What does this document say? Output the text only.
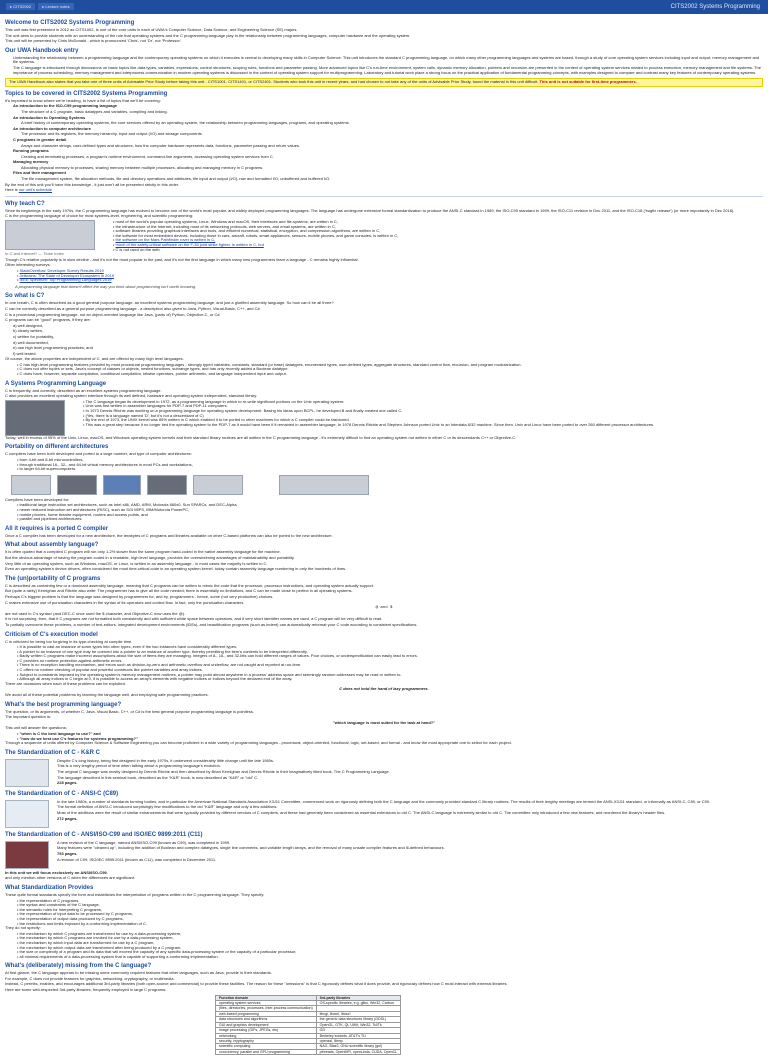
▸ CITS2002	▸ Lecture notes	CITS2002 Systems Programming
Welcome to CITS2002 Systems Programming

This unit was first presented in 2012 as CITS1002, is one of the core units in each of UWA's Computer Science, Data Science, and Engineering Science (SE) majors.

The unit aims to provide students with an understanding of the role that operating systems and the C programming language play in the relationship between programming languages, computer hardware and the operating system.

This unit will be presented by Chris McDonald - which is pronounced 'Chris', not 'Dr', nor 'Professor'.

Our UWA Handbook entry

Understanding the relationship between a programming language and the contemporary operating systems on which it executes is central to developing many skills in Computer Science. This unit introduces the standard C programming language, on which many other programming languages and systems are based, through a study of core operating system services including input and output, memory management and file systems.

The C language is introduced through discussions on basic topics like data types, variables, expressions, control structures, scoping rules, functions and parameter passing. More advanced topics like C's run-time environment, system calls, dynamic memory allocation, pointers and recursion are presented in the context of operating system services related to process execution, memory management and file systems. The importance of process scheduling, memory management and interprocess communication in modern operating systems is discussed in the context of operating system support for multiprogramming. Laboratory and tutorial work place a strong focus on the practical application of fundamental programming concepts, with examples designed to compare and contrast many key features of contemporary operating systems.

The UWA Handbook also states that you take one of three units of Advisable Prior Study before taking this unit - CITS1001, CITS1401, or CITS2401. Students who took this unit in recent years, and had chosen to not take any of the units of Advisable Prior Study, found the material in this unit difficult. This unit is not suitable for first-time programmers.
Topics to be covered in CITS2002 Systems Programming

It's important to know where we're heading, to have a list of topics that we'll be covering:

An introduction to the ISO-C99 programming language

The structure of a C program, basic datatypes and variables, compiling and linking.

An introduction to Operating Systems

A brief history of contemporary operating systems, the core services offered by an operating system, the relationship between programming languages, programs, and operating systems.

An introduction to computer architecture

The processor and its registers, the memory hierarchy, input and output (I/O) and storage components.

C programs in greater detail

Arrays and character strings, user-defined types and structures, how the computer hardware represents data, functions, parameter passing and return values.

Running programs

Creating and terminating processes, a program's runtime environment, command-line arguments, accessing operating system services from C.

Managing memory

Allocating physical memory to processes, sharing memory between multiple processes, allocating and managing memory in C programs.

Files and their management

The file management system, file allocation methods, file and directory operations and attributes, file input and output (I/O), raw and formatted I/O, unbuffered and buffered I/O.

By the end of this unit you'll have this knowledge - it just won't all be presented strictly in this order.

Here is our unit's schedule

Why teach C?

Since its beginnings in the early 1970s, the C programming language has evolved to become one of the world's most popular, and widely deployed programming languages. The language has undergone extensive formal standardization to produce the ANSI-C standard in 1989, the ISO-C99 standard in 1999, the ISO-C11 revision in Dec 2011, and the ISO-C18 ('bugfix release') (or more importantly in Dec 2018).

C is the programming language of choice for most systems-level, engineering, and scientific programming:

• most of the world's popular operating systems, Linux, Windows and macOS, their interfaces and file-systems, are written in C,
• the infrastructure of the Internet, including most of its networking protocols, web servers, and email systems, are written in C,
• software libraries providing graphical interfaces and tools, and efficient numerical, statistical, encryption, and compression algorithms, are written in C,
• the software for most embedded devices, including those in cars, aircraft, robots, smart appliances, sensors, mobile phones, and game consoles, is written in C,
• the software on the Mars Pathfinder rover is written in C,
• much of the safety-critical software on the F-35 joint strike fighter, is written in C, but
• C is not used on the web.

In C and Internet? — Tiobe Index

Though C's relative popularity is in slow decline - and it's not the most popular in the past, and it's not the first language in which many new programmers learn a language - C remains highly influential.

Other interesting surveys:

• StackOverflow: Developer Survey Results 2019
• Jetbrains: The State of Developer Ecosystem in 2019
• IEEE Spectrum: Top Programming Languages 2019
A programming language that doesn't affect the way you think about programming isn't worth knowing.
So what is C?

In one breath, C is often described as a good general purpose language, an excellent systems programming language, and just a glorified assembly language. So how can it be all three?

C can be correctly described as a general purpose programming language - a description also given to Java, Python, Visual-Basic, C++, and C#.

C is a procedural programming language, not an object-oriented language like Java, (parts of) Python, Objective-C, or C#.

C programs can be "good" programs, if they are:

a) well designed,

b) clearly written,

c) written for portability,

d) well documented,

e) use high level programming practices, and

f) well tested.

Of course, the above properties are independent of C, and are offered by many high level languages.

• C has high-level programming features provided by most procedural programming languages - strongly typed variables, constants, standard (or base) datatypes, enumerated types, user-defined types, aggregate structures, standard control flow, recursion, and program modularization.
• C does not offer tuples or sets, Java's concept of classes or objects, nested functions, subrange types, and has only recently added a Boolean datatype.
• C does have, however, separate compilation, conditional compilation, bitwise operators, pointer arithmetic, and language independent input and output.
A Systems Programming Language

C is frequently, and correctly, described as an excellent systems programming language.

C also provides an excellent operating system interface through its well defined, hardware and operating system independent, standard library.

• The C language began its development in 1972, as a programming language in which to re-write significant portions on the Unix operating system:
• Unix was first written in assembler languages for PDP-7 and PDP-11 computers.
• In 1973 Dennis Ritchie was working on a programming language for operating system development. Basing his ideas upon BCPL, he developed B and finally created one called C.
• (Yes, there is a language named 'D', but it's not a descendant of C)
• By the end of 1973, the UNIX kernel was 85% written in C which enabled it to be ported to other machines for which a C compiler could be fashioned.
• This was a great step because it no longer tied the operating system to the PDP-7 as it would have been if it remained in assembler language. In 1976 Dennis Ritchie and Stephen Johnson ported Unix to an Interdata 8/32 machine. Since then, Unix and Linux have been ported to over 260 different processor architectures.

Today, well in excess of 95% of the Unix, Linux, macOS, and Windows operating system kernels and their standard library routines are all written in the C programming language - it's extremely difficult to find an operating system not written in either C or its descendants C++ or Objective-C.

Portability on different architectures

C compilers have been both developed and ported to a large number, and type of computer architectures:

• from 4-bit and 8-bit microcontrollers,
• through traditional 16-, 32-, and 64-bit virtual memory architectures in most PCs and workstations,
• to larger 64-bit supercomputers.

Compilers have been developed for:

• traditional large instruction set architectures, such as Intel x86, AMD, ARM, Motorola 680x0, Sun SPARCs, and DEC-Alpha,
• newer reduced instruction set architectures (RISC), such as SGI MIPS, IBM/Motorola PowerPC,
• mobile phones, home theatre equipment, routers and access points, and
• parallel and pipelined architectures.
All it requires is a ported C compiler

Once a C compiler has been developed for a new architecture, the terabytes of C programs and libraries available on other C-based platforms can also be ported to the new architecture.

What about assembly language?

It is often quoted that a compiled C program will run only 1-2% slower than the same program hand-coded in the native assembly language for the machine.

But the obvious advantage of having the program coded in a readable, high level language, provides the overwhelming advantages of maintainability and portability.

Very little of an operating system, such as Windows, macOS, or Linux, is written in an assembly language - in most cases the majority is written in C.

Even an operating system's device drivers, often considered the most time-critical code in an operating system kernel, today contain assembly language numbering in only the hundreds of lines.

The (un)portability of C programs

C is described as containing few or a dominant assembly language, meaning that C programs can be written to mimic the code that the processor, processor instructions, and operating system actually support.

But (quite a rarity) Kernighan and Ritchie also write: The programmer has to give all the code needed; there is essentially no limitations, and C can be made close to perfect in all operating systems.

Perhaps C's biggest problem is that the language was designed by programmers for, and by, programmers - hence, some (not very productive) choices.

C makes extensive use of punctuation characters in the syntax of its operators and control flow. In fact, only the punctuation characters

@ and $

are not used in C's syntax! (and DEC-C once used the $ character, and Objective-C now uses the @).

It is not surprising, then, that if C programs are not formatted both consistently and with sufficient white space between operators, and if very short identifier names are used, a C program will be very difficult to read.

To partially overcome these problems, a number of text-editors, integrated development environments (IDEs), and beautification programs (such as indent) can automatically reformat your C code according to consistent specifications.

Criticism of C's execution model

C is criticized for being too forgiving in its type-checking at compile time.

• It is possible to cast an instance of some types into other types, even if the two instances have considerably different types.
• A pointer to an instance of one type may be coerced into a pointer to an instance of another type, thereby permitting the item's contents to be interpreted differently.
• Badly written C programs make incorrect assumptions about the size of items they are managing. Integers of 8-, 16-, and 32-bits can hold different ranges of values. Poor choices, or underspecification can easily lead to errors.
• C provides no runtime protection against arithmetic errors.
• There is no exception handling mechanism, and errors such as division-by-zero and arithmetic overflow and underflow, are not caught and reported at run-time.
• C offers no runtime checking of popular and powerful constructs like pointer variables and array indices.
• Subject to constraints imposed by the operating system's memory management routines, a pointer may point almost anywhere in a process' address space and seemingly random addresses may be read or written to.
• Although all array indices in C begin at 0, it is possible to access an array's elements with negative indices or indices beyond the declared end of the array.

There are occasions when each of these problems can be exploited.

C does not hold the hand of lazy programmers.

We avoid all of these potential problems by learning the language well, and employing safe programming practices.

What's the best programming language?

The question, or its arguments, of whether C, Java, Visual Basic, C++, or C# is the best general purpose programming language is pointless.

The important question is:

"which language is most suited for the task at hand?"

This unit will answer the questions:

• "when is C the best language to use?" and
• "how do we best use C's features for systems programming?"

Through a sequence of units offered by Computer Science & Software Engineering you can become proficient in a wide variety of programming languages - procedural, object-oriented, functional, logic, set-based, and formal - and know the most appropriate one to select for each project.

The Standardization of C - K&R C

Despite C's long history, being first designed in the early 1970s, it underwent considerably little change until the late 1980s.

This is a very lengthy period of time when talking about a programming language's evolution.

The original C language was mostly designed by Dennis Ritchie and then described by Brian Kernighan and Dennis Ritchie in their imaginatively titled book, The C Programming Language.

The language described in this seminal book, described as the "K&R" book, is now described as "K&R" or "old" C.

228 pages.

The Standardization of C - ANSI-C (C89)

In the late 1980s, a number of standards forming bodies, and in particular the American National Standards Association X3J11 Committee, commenced work on rigorously defining both the C language and the commonly provided standard C library routines. The results of their lengthy meetings are termed the ANSI-X3J11 standard, or informally as ANSI-C, C89, or C90.

The formal definition of ANSI-C introduced surprisingly few modifications to the old "K&R" language and only a few additions.

Most of the additions were the result of similar enhancements that were typically provided by different vendors of C compilers, and these had generally been considered as essential extensions to old C. The ANSI-C language is extremely similar to old C. The committee only introduced a few new features, and reordered the library's header files.

272 pages.

The Standardization of C - ANSI/ISO-C99 and ISO/IEC 9899:2011 (C11)

A new revision of the C language, named ANSI/ISO-C99 (known as C99), was completed in 1999.

Many features were "cleaned up", including the addition of Boolean and complex datatypes, single line comments, and variable length arrays, and the removal of many unsafe compiler features and ill-defined behaviours.

753 pages.

A revision of C99, ISO/IEC 9899:2011 (known as C11), was completed in December 2011.

In this unit we will focus exclusively on ANSI/ISO-C99.

and only mention other versions of C when the differences are significant.

What Standardization Provides

These quite formal standards specify the form and establishes the interpretation of programs written in the C programming language. They specify:

• the representation of C programs,
• the syntax and constraints of the C language,
• the semantic rules for interpreting C programs,
• the representation of input data to be processed by C programs,
• the representation of output data produced by C programs,
• the restrictions and limits imposed by a conforming implementation of C.

They do not specify:

• the mechanism by which C programs are transformed for use by a data-processing system,
• the mechanism by which C programs are invoked for use by a data-processing system,
• the mechanism by which input data are transformed for use by a C program,
• the mechanism by which output data are transformed after being produced by a C program,
• the size or complexity of a program and its data that will exceed the capacity of any specific data-processing system or the capacity of a particular processor,
• all minimal requirements of a data-processing system that is capable of supporting a conforming implementation.
What's (deliberately) missing from the C language?

At first glance, the C language appears to be missing some commonly required features that other languages, such as Java, provide in their standards.

For example, C does not provide features for graphics, networking, cryptography, or multimedia.

Instead, C permits, enables, and encourages additional 3rd-party libraries (both open-source and commercial) to provide these facilities. The reason for these "omissions" is that C rigorously defines what it does provide, and rigorously defines how C must interact with external libraries.

Here are some well-respected 3rd-party libraries, frequently employed in large C programs:

Function domain	3rd-party libraries
operating system services	OS-specific libraries, e.g. glibc, Win32, Carbon
(files, directories, processes, inter-process communication)	
web-based programming	libcgi, libxml, libcurl
data structures and algorithms	the generic data structures library (GDSL)
GUI and graphics development	OpenGL, GTK, Qt, UIKit, Win32, Tcl/Tk
image processing (GIFs, JPEGs, etc)	GD
networking	Berkeley sockets, AT&T's TLI
security, cryptography	openssl, libmp
scientific computing	NAG, Blas3, GNU scientific library (gsl)
concurrency, parallel and GPU programming	pthreads, OpenMPI, openLinda, CUDA, OpenCL
